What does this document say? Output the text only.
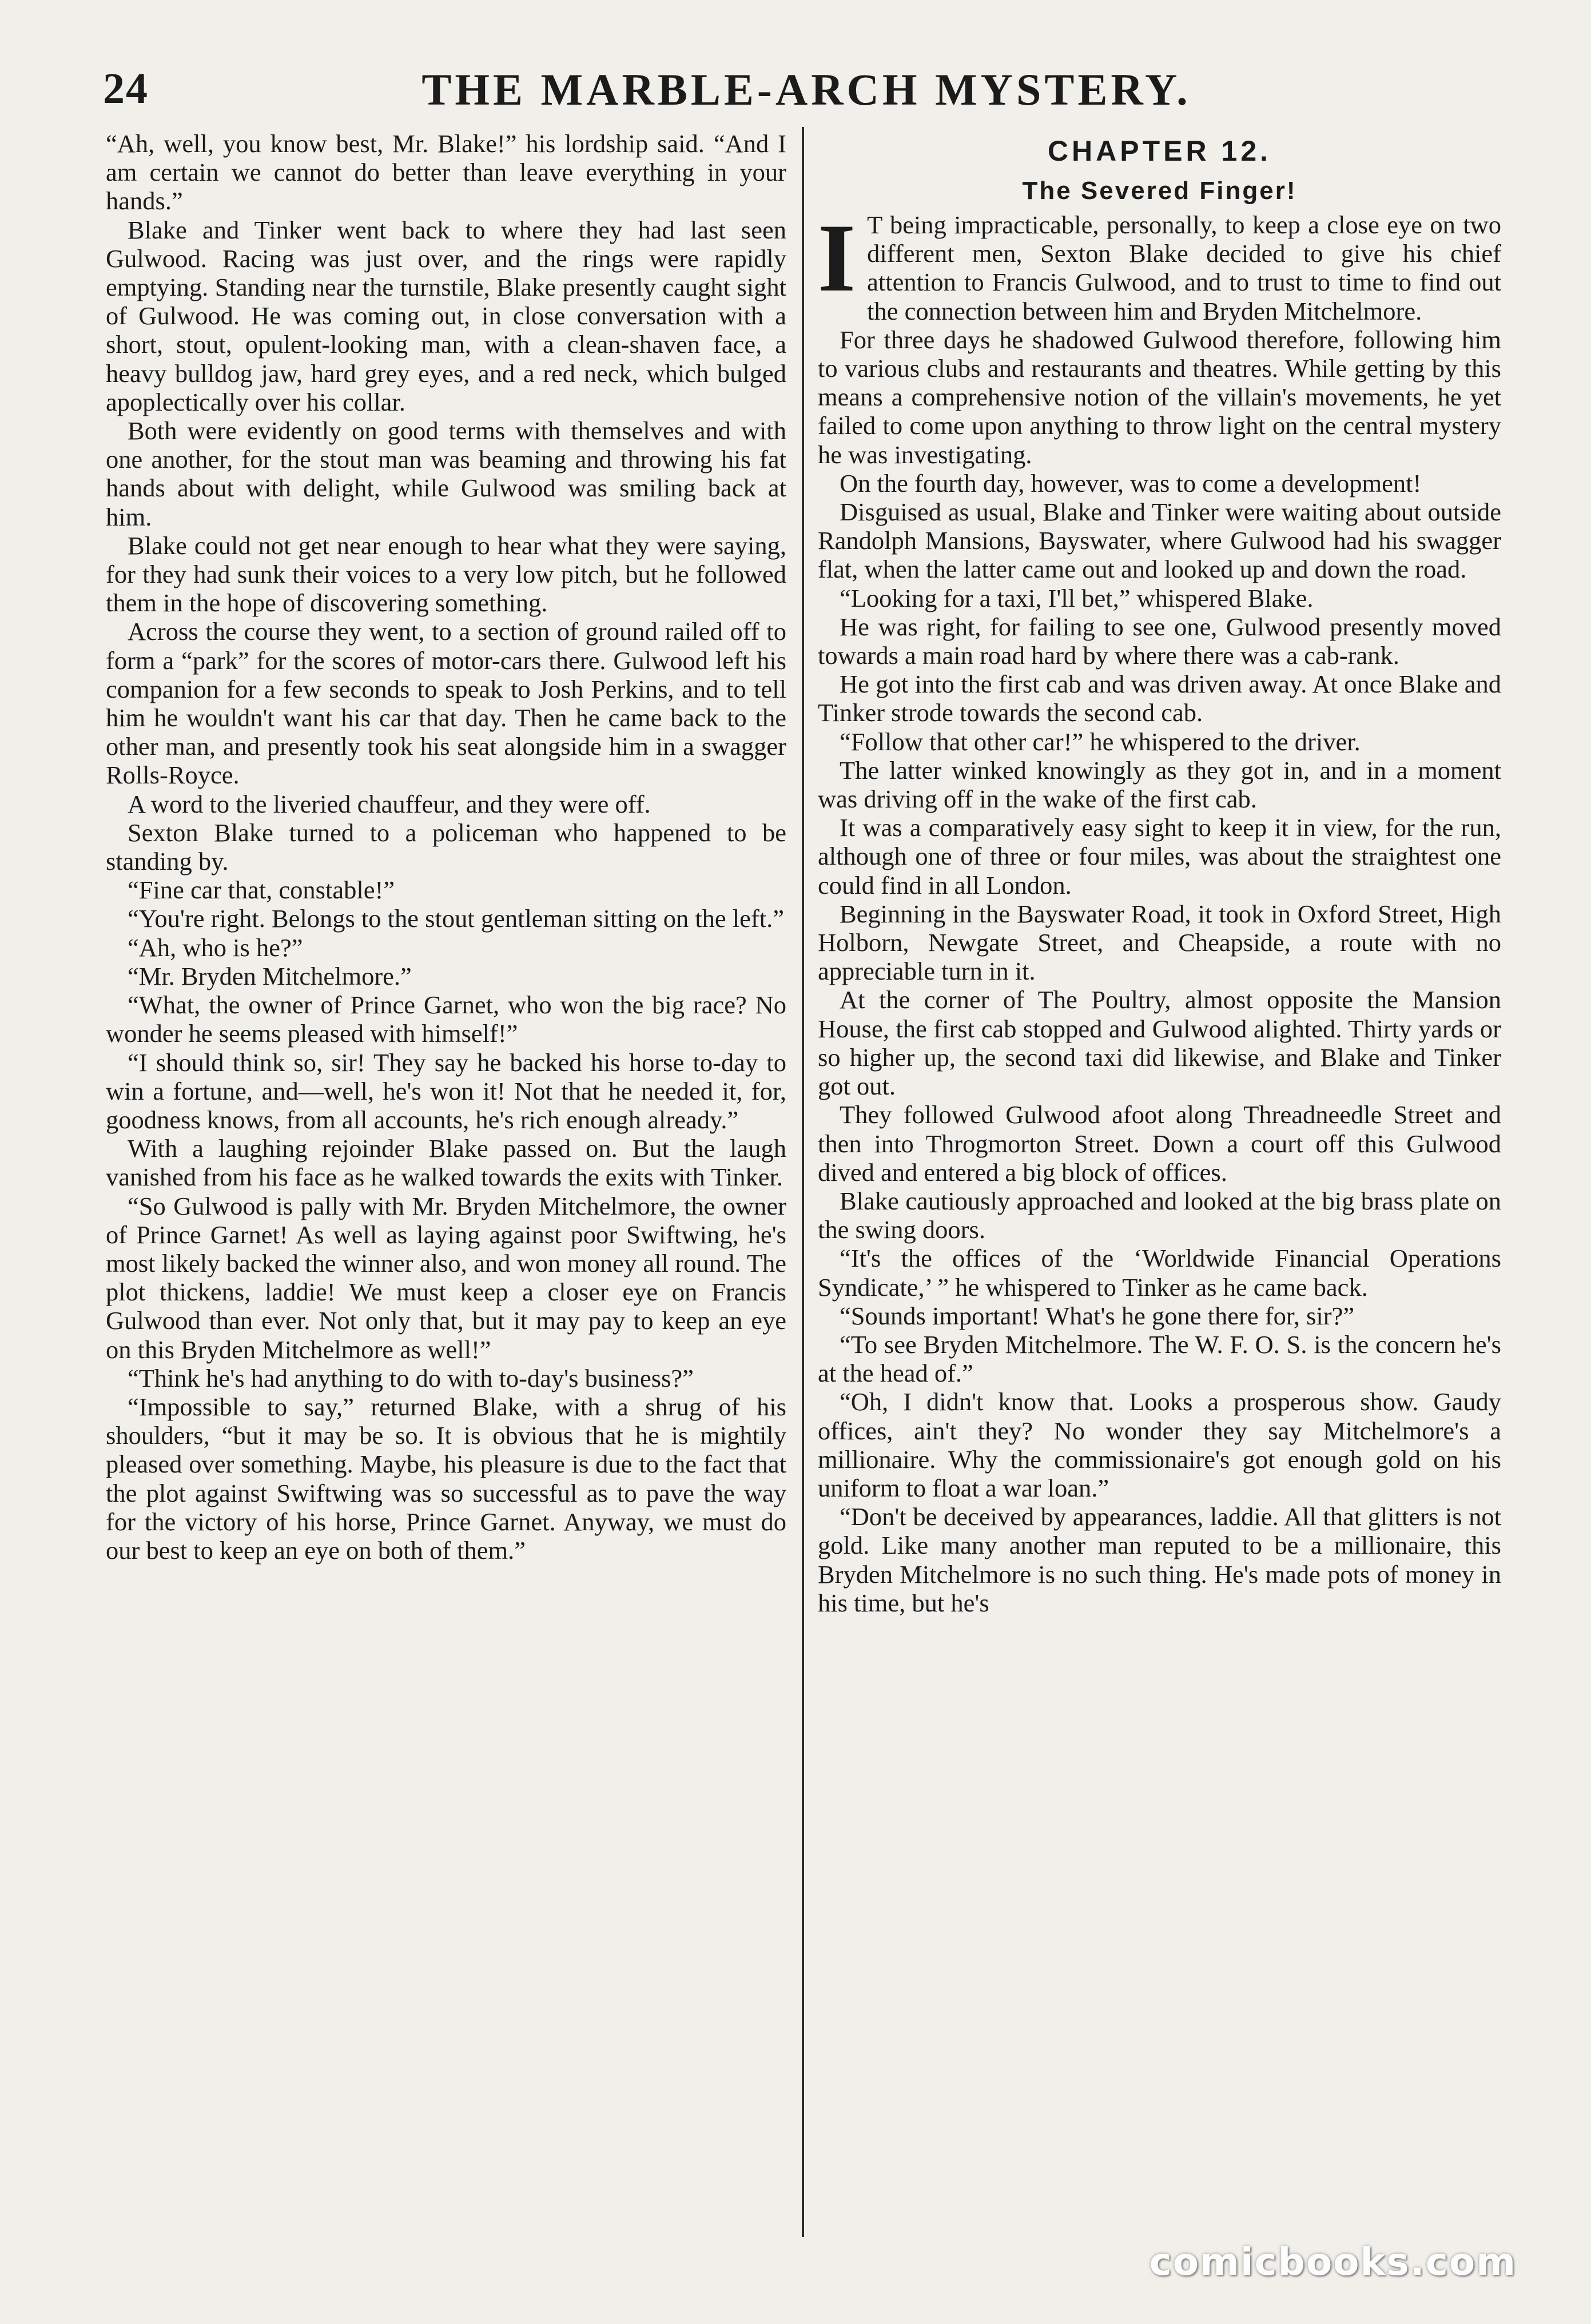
24	THE MARBLE-ARCH MYSTERY.

“Ah, well, you know best, Mr. Blake!” his lordship said. “And I am certain we cannot do better than leave everything in your hands.”

Blake and Tinker went back to where they had last seen Gulwood. Racing was just over, and the rings were rapidly emptying. Standing near the turnstile, Blake presently caught sight of Gulwood. He was coming out, in close conversation with a short, stout, opulent-looking man, with a clean-shaven face, a heavy bulldog jaw, hard grey eyes, and a red neck, which bulged apoplectically over his collar.

Both were evidently on good terms with themselves and with one another, for the stout man was beaming and throwing his fat hands about with delight, while Gulwood was smiling back at him.

Blake could not get near enough to hear what they were saying, for they had sunk their voices to a very low pitch, but he followed them in the hope of discovering something.

Across the course they went, to a section of ground railed off to form a “park” for the scores of motor-cars there. Gulwood left his companion for a few seconds to speak to Josh Perkins, and to tell him he wouldn't want his car that day. Then he came back to the other man, and presently took his seat alongside him in a swagger Rolls-Royce.

A word to the liveried chauffeur, and they were off.

Sexton Blake turned to a policeman who happened to be standing by.

“Fine car that, constable!”

“You're right. Belongs to the stout gentleman sitting on the left.”

“Ah, who is he?”

“Mr. Bryden Mitchelmore.”

“What, the owner of Prince Garnet, who won the big race? No wonder he seems pleased with himself!”

“I should think so, sir! They say he backed his horse to-day to win a fortune, and—well, he's won it! Not that he needed it, for, goodness knows, from all accounts, he's rich enough already.”

With a laughing rejoinder Blake passed on. But the laugh vanished from his face as he walked towards the exits with Tinker.

“So Gulwood is pally with Mr. Bryden Mitchelmore, the owner of Prince Garnet! As well as laying against poor Swiftwing, he's most likely backed the winner also, and won money all round. The plot thickens, laddie! We must keep a closer eye on Francis Gulwood than ever. Not only that, but it may pay to keep an eye on this Bryden Mitchelmore as well!”

“Think he's had anything to do with to-day's business?”

“Impossible to say,” returned Blake, with a shrug of his shoulders, “but it may be so. It is obvious that he is mightily pleased over something. Maybe, his pleasure is due to the fact that the plot against Swiftwing was so successful as to pave the way for the victory of his horse, Prince Garnet. Anyway, we must do our best to keep an eye on both of them.”

CHAPTER 12.
The Severed Finger!

I T being impracticable, personally, to keep a close eye on two different men, Sexton Blake decided to give his chief attention to Francis Gulwood, and to trust to time to find out the connection between him and Bryden Mitchelmore.

For three days he shadowed Gulwood therefore, following him to various clubs and restaurants and theatres. While getting by this means a comprehensive notion of the villain's movements, he yet failed to come upon anything to throw light on the central mystery he was investigating.

On the fourth day, however, was to come a development!

Disguised as usual, Blake and Tinker were waiting about outside Randolph Mansions, Bayswater, where Gulwood had his swagger flat, when the latter came out and looked up and down the road.

“Looking for a taxi, I'll bet,” whispered Blake.

He was right, for failing to see one, Gulwood presently moved towards a main road hard by where there was a cab-rank.

He got into the first cab and was driven away. At once Blake and Tinker strode towards the second cab.

“Follow that other car!” he whispered to the driver.

The latter winked knowingly as they got in, and in a moment was driving off in the wake of the first cab.

It was a comparatively easy sight to keep it in view, for the run, although one of three or four miles, was about the straightest one could find in all London.

Beginning in the Bayswater Road, it took in Oxford Street, High Holborn, Newgate Street, and Cheapside, a route with no appreciable turn in it.

At the corner of The Poultry, almost opposite the Mansion House, the first cab stopped and Gulwood alighted. Thirty yards or so higher up, the second taxi did likewise, and Blake and Tinker got out.

They followed Gulwood afoot along Threadneedle Street and then into Throgmorton Street. Down a court off this Gulwood dived and entered a big block of offices.

Blake cautiously approached and looked at the big brass plate on the swing doors.

“It's the offices of the ‘Worldwide Financial Operations Syndicate,’ ” he whispered to Tinker as he came back.

“Sounds important! What's he gone there for, sir?”

“To see Bryden Mitchelmore. The W. F. O. S. is the concern he's at the head of.”

“Oh, I didn't know that. Looks a prosperous show. Gaudy offices, ain't they? No wonder they say Mitchelmore's a millionaire. Why the commissionaire's got enough gold on his uniform to float a war loan.”

“Don't be deceived by appearances, laddie. All that glitters is not gold. Like many another man reputed to be a millionaire, this Bryden Mitchelmore is no such thing. He's made pots of money in his time, but he's

comicbooks.com
